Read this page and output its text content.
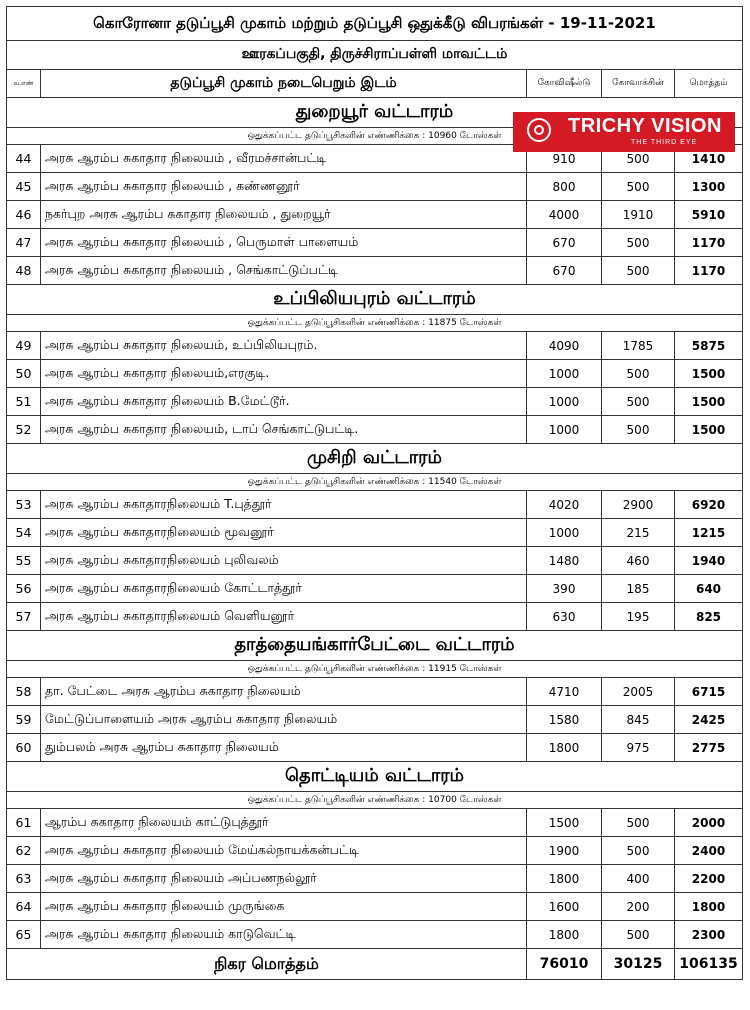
கொரோனா தடுப்பூசி முகாம் மற்றும் தடுப்பூசி ஒதுக்கீடு விபரங்கள் - 19-11-2021				
ஊரகப்பகுதி, திருச்சிராப்பள்ளி மாவட்டம்				
வ.எண்	தடுப்பூசி முகாம் நடைபெறும் இடம்	கோவிஷீல்டு	கோவாக்சின்	மொத்தம்
துறையூர் வட்டாரம்				
ஒதுக்கப்பட்ட தடுப்பூசிகளின் எண்ணிக்கை : 10960 டோஸ்கள்				
44	அரசு ஆரம்ப சுகாதார நிலையம் , வீரமச்சான்பட்டி	910	500	1410
45	அரசு ஆரம்ப சுகாதார நிலையம் , கண்ணனூர்	800	500	1300
46	நகர்புற அரசு ஆரம்ப சுகாதார நிலையம் , துறையூர்	4000	1910	5910
47	அரசு ஆரம்ப சுகாதார நிலையம் , பெருமாள் பாளையம்	670	500	1170
48	அரசு ஆரம்ப சுகாதார நிலையம் , செங்காட்டுப்பட்டி	670	500	1170
உப்பிலியபுரம் வட்டாரம்				
ஒதுக்கப்பட்ட தடுப்பூசிகளின் எண்ணிக்கை : 11875 டோஸ்கள்				
49	அரசு ஆரம்ப சுகாதார நிலையம், உப்பிலியபுரம்.	4090	1785	5875
50	அரசு ஆரம்ப சுகாதார நிலையம்,எரகுடி.	1000	500	1500
51	அரசு ஆரம்ப சுகாதார நிலையம் B.மேட்டூர்.	1000	500	1500
52	அரசு ஆரம்ப சுகாதார நிலையம், டாப் செங்காட்டுபட்டி.	1000	500	1500
முசிறி வட்டாரம்				
ஒதுக்கப்பட்ட தடுப்பூசிகளின் எண்ணிக்கை : 11540 டோஸ்கள்				
53	அரசு ஆரம்ப சுகாதாரநிலையம் T.புத்தூர்	4020	2900	6920
54	அரசு ஆரம்ப சுகாதாரநிலையம் மூவனூர்	1000	215	1215
55	அரசு ஆரம்ப சுகாதாரநிலையம் புலிவலம்	1480	460	1940
56	அரசு ஆரம்ப சுகாதாரநிலையம் கோட்டாத்தூர்	390	185	640
57	அரசு ஆரம்ப சுகாதாரநிலையம் வெளியனூர்	630	195	825
தாத்தையங்கார்பேட்டை வட்டாரம்				
ஒதுக்கப்பட்ட தடுப்பூசிகளின் எண்ணிக்கை : 11915 டோஸ்கள்				
58	தா. பேட்டை அரசு ஆரம்ப சுகாதார நிலையம்	4710	2005	6715
59	மேட்டுப்பாளையம் அரசு ஆரம்ப சுகாதார நிலையம்	1580	845	2425
60	தும்பலம் அரசு ஆரம்ப சுகாதார நிலையம்	1800	975	2775
தொட்டியம் வட்டாரம்				
ஒதுக்கப்பட்ட தடுப்பூசிகளின் எண்ணிக்கை : 10700 டோஸ்கள்				
61	ஆரம்ப சுகாதார நிலையம் காட்டுபுத்தூர்	1500	500	2000
62	அரசு ஆரம்ப சுகாதார நிலையம் மேய்கல்நாயக்கன்பட்டி	1900	500	2400
63	அரசு ஆரம்ப சுகாதார நிலையம் அப்பணநல்லூர்	1800	400	2200
64	அரசு ஆரம்ப சுகாதார நிலையம் முருங்கை	1600	200	1800
65	அரசு ஆரம்ப சுகாதார நிலையம் காடுவெட்டி	1800	500	2300
நிகர மொத்தம்		76010	30125	106135
TRICHY VISION
THE THIRD EYE
